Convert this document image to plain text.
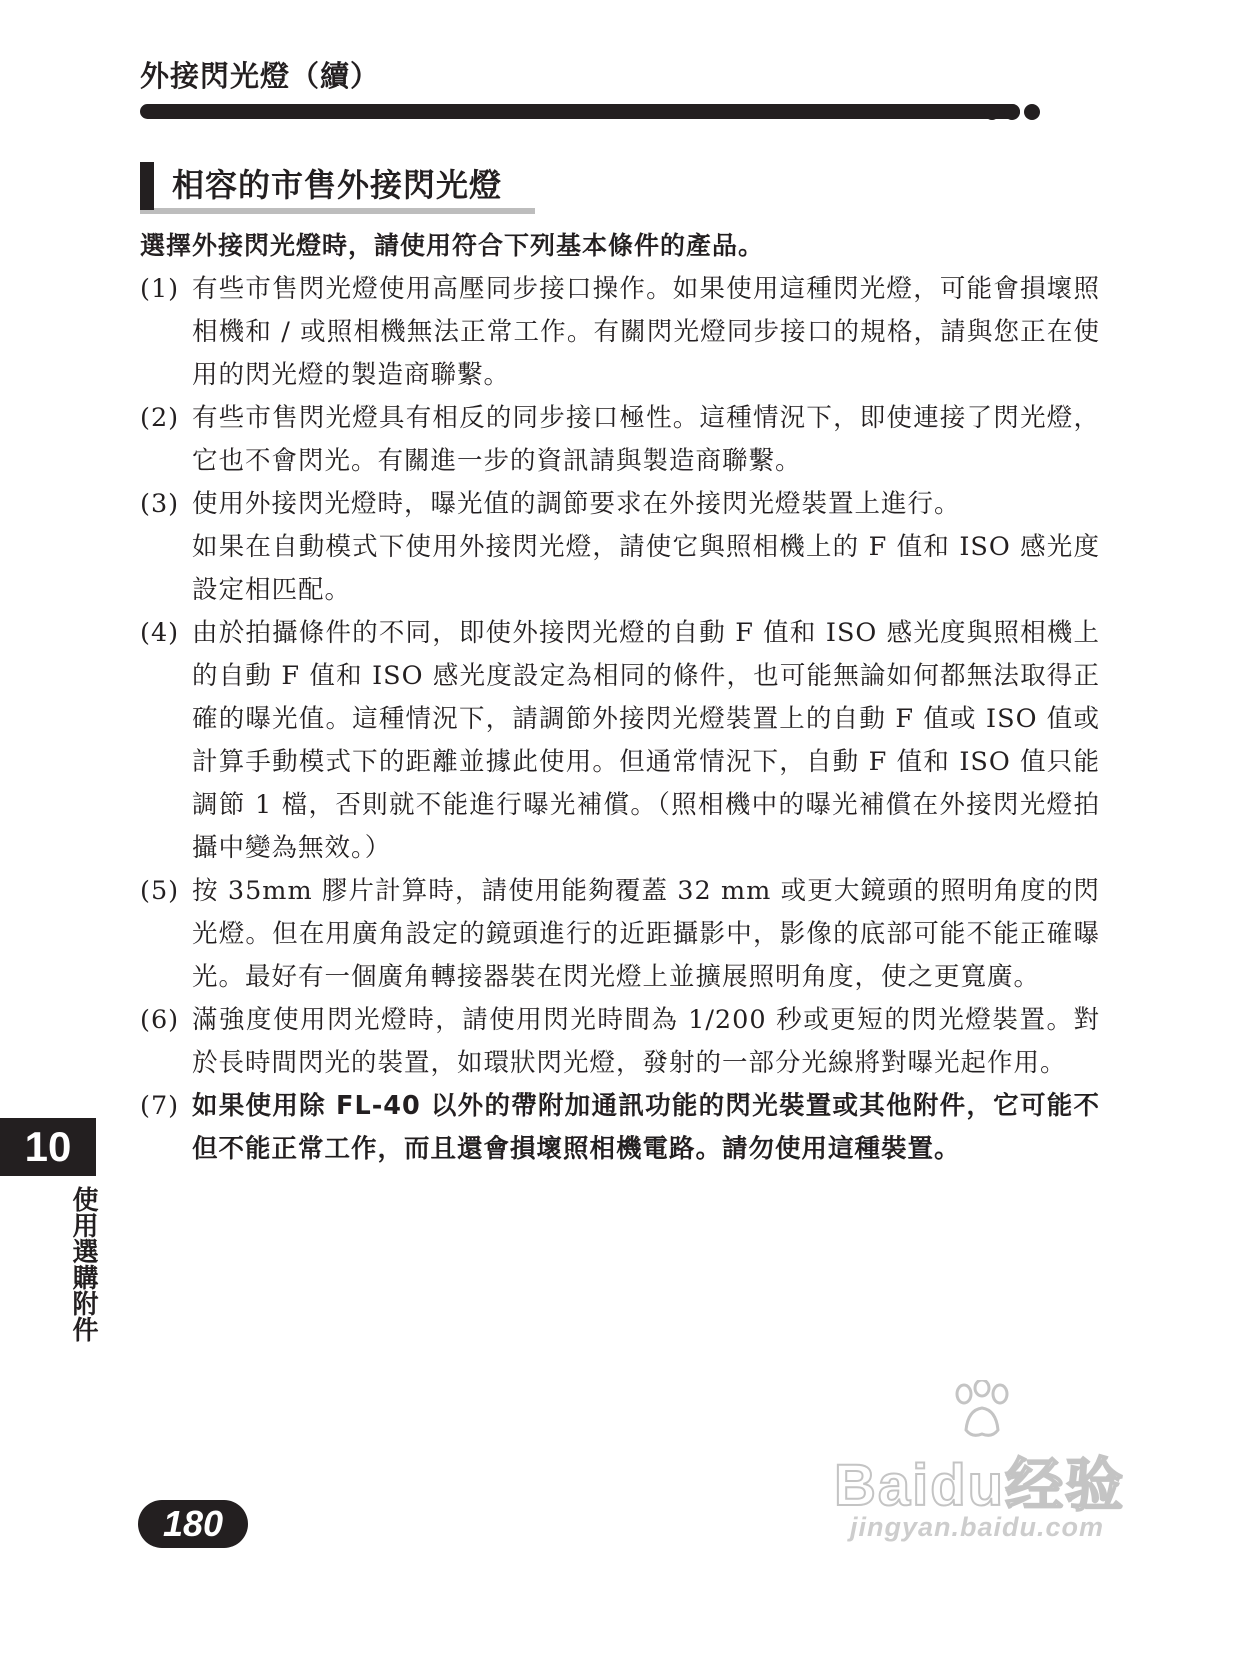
外接閃光燈（續）
相容的市售外接閃光燈
選擇外接閃光燈時，請使用符合下列基本條件的產品。
(1) 有些市售閃光燈使用高壓同步接口操作。如果使用這種閃光燈，可能會損壞照相機和 / 或照相機無法正常工作。有關閃光燈同步接口的規格，請與您正在使用的閃光燈的製造商聯繫。
(2) 有些市售閃光燈具有相反的同步接口極性。這種情況下，即使連接了閃光燈，它也不會閃光。有關進一步的資訊請與製造商聯繫。
(3) 使用外接閃光燈時，曝光值的調節要求在外接閃光燈裝置上進行。
如果在自動模式下使用外接閃光燈，請使它與照相機上的 F 值和 ISO 感光度設定相匹配。
(4) 由於拍攝條件的不同，即使外接閃光燈的自動 F 值和 ISO 感光度與照相機上的自動 F 值和 ISO 感光度設定為相同的條件，也可能無論如何都無法取得正確的曝光值。這種情況下，請調節外接閃光燈裝置上的自動 F 值或 ISO 值或計算手動模式下的距離並據此使用。但通常情況下，自動 F 值和 ISO 值只能調節 1 檔，否則就不能進行曝光補償。（照相機中的曝光補償在外接閃光燈拍攝中變為無效。）
(5) 按 35mm 膠片計算時，請使用能夠覆蓋 32 mm 或更大鏡頭的照明角度的閃光燈。但在用廣角設定的鏡頭進行的近距攝影中，影像的底部可能不能正確曝光。最好有一個廣角轉接器裝在閃光燈上並擴展照明角度，使之更寬廣。
(6) 滿強度使用閃光燈時，請使用閃光時間為 1/200 秒或更短的閃光燈裝置。對於長時間閃光的裝置，如環狀閃光燈，發射的一部分光線將對曝光起作用。
(7) 如果使用除 FL-40 以外的帶附加通訊功能的閃光裝置或其他附件，它可能不但不能正常工作，而且還會損壞照相機電路。請勿使用這種裝置。
10
使用選購附件
180
Baidu经验
jingyan.baidu.com
